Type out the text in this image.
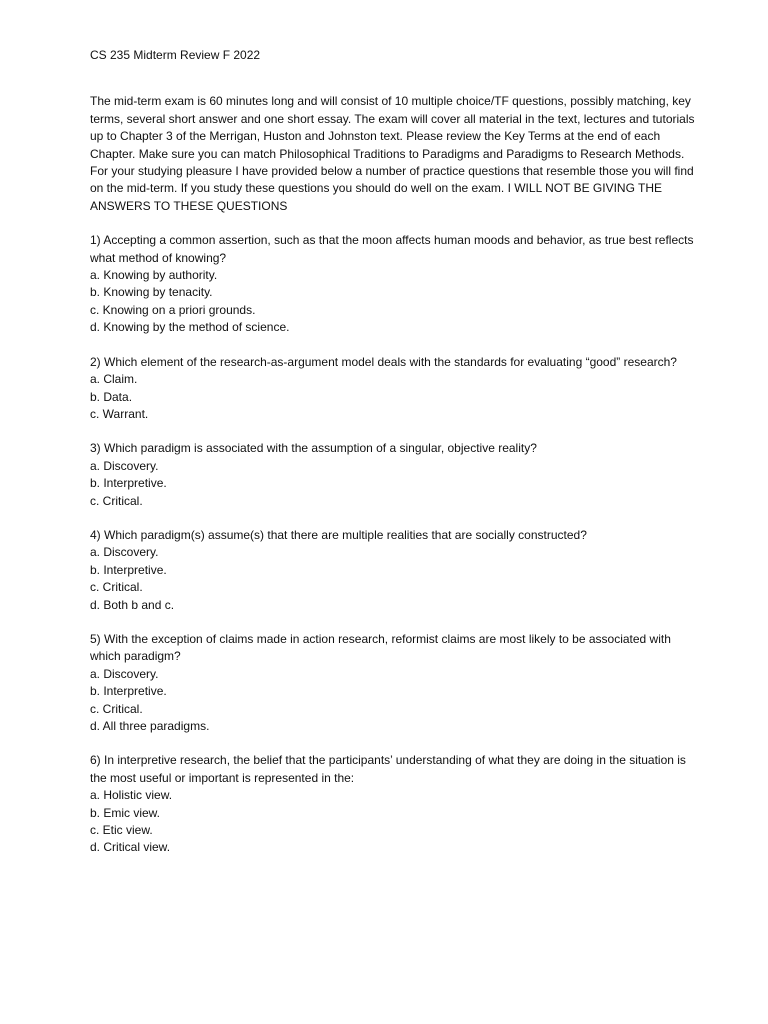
CS 235 Midterm Review F 2022
The mid-term exam is 60 minutes long and will consist of 10 multiple choice/TF questions, possibly matching, key terms, several short answer and one short essay. The exam will cover all material in the text, lectures and tutorials up to Chapter 3 of the Merrigan, Huston and Johnston text. Please review the Key Terms at the end of each Chapter. Make sure you can match Philosophical Traditions to Paradigms and Paradigms to Research Methods. For your studying pleasure I have provided below a number of practice questions that resemble those you will find on the mid-term. If you study these questions you should do well on the exam. I WILL NOT BE GIVING THE ANSWERS TO THESE QUESTIONS
1) Accepting a common assertion, such as that the moon affects human moods and behavior, as true best reflects what method of knowing?
a. Knowing by authority.
b. Knowing by tenacity.
c. Knowing on a priori grounds.
d. Knowing by the method of science.
2) Which element of the research-as-argument model deals with the standards for evaluating “good” research?
a. Claim.
b. Data.
c. Warrant.
3) Which paradigm is associated with the assumption of a singular, objective reality?
a. Discovery.
b. Interpretive.
c. Critical.
4) Which paradigm(s) assume(s) that there are multiple realities that are socially constructed?
a. Discovery.
b. Interpretive.
c. Critical.
d. Both b and c.
5) With the exception of claims made in action research, reformist claims are most likely to be associated with which paradigm?
a. Discovery.
b. Interpretive.
c. Critical.
d. All three paradigms.
6) In interpretive research, the belief that the participants’ understanding of what they are doing in the situation is the most useful or important is represented in the:
a. Holistic view.
b. Emic view.
c. Etic view.
d. Critical view.
